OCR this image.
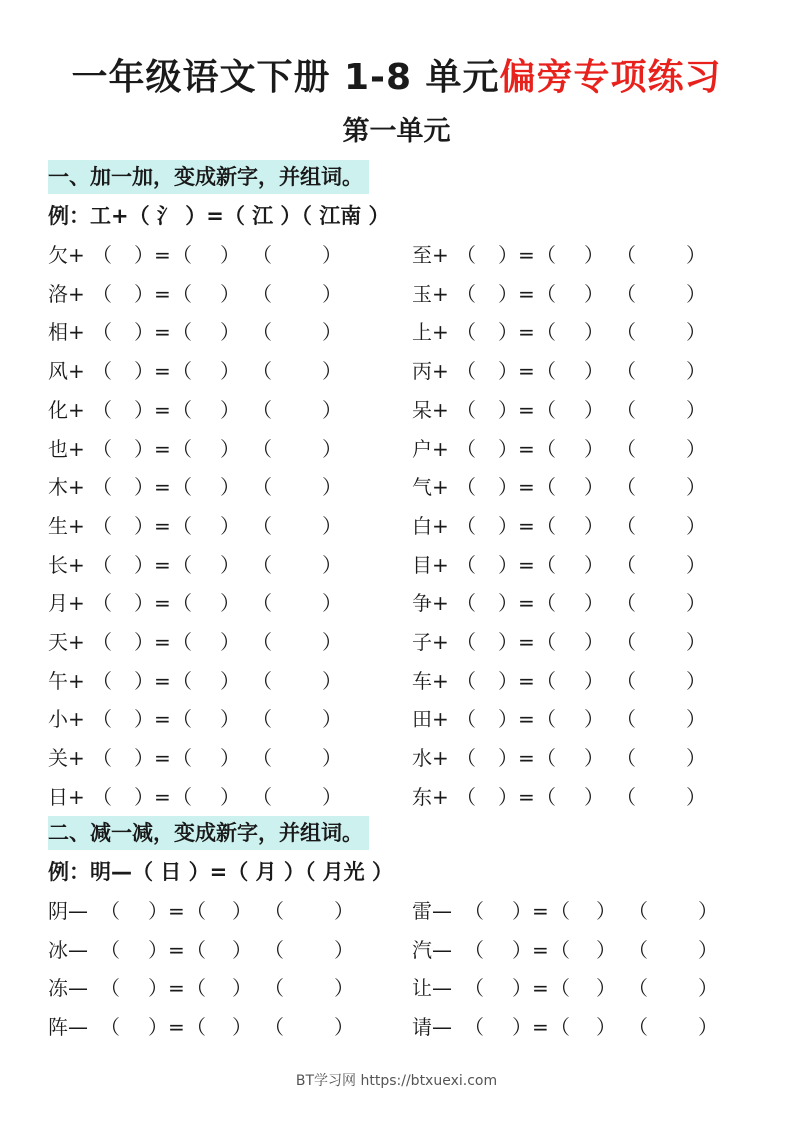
一年级语文下册 1-8 单元偏旁专项练习
第一单元
一、加一加，变成新字，并组词。
例：工+（ 氵 ）=（ 江 ）（ 江南 ）
欠+ （ ）= （ ） （	）
洛+ （ ）= （ ） （	）
相+ （ ）= （ ） （	）
风+ （ ）= （ ） （	）
化+ （ ）= （ ） （	）
也+ （ ）= （ ） （	）
木+ （ ）= （ ） （	）
生+ （ ）= （ ） （	）
长+ （ ）= （ ） （	）
月+ （ ）= （ ） （	）
天+ （ ）= （ ） （	）
午+ （ ）= （ ） （	）
小+ （ ）= （ ） （	）
关+ （ ）= （ ） （	）
日+ （ ）= （ ） （	）
至+ （ ）= （ ） （	）
玉+ （ ）= （ ） （	）
上+ （ ）= （ ） （	）
丙+ （ ）= （ ） （	）
呆+ （ ）= （ ） （	）
户+ （ ）= （ ） （	）
气+ （ ）= （ ） （	）
白+ （ ）= （ ） （	）
目+ （ ）= （ ） （	）
争+ （ ）= （ ） （	）
子+ （ ）= （ ） （	）
车+ （ ）= （ ） （	）
田+ （ ）= （ ） （	）
水+ （ ）= （ ） （	）
东+ （ ）= （ ） （	）
二、减一减，变成新字，并组词。
例：明—（ 日 ）=（ 月 ）（ 月光 ）
阴— （ ）= （ ） （	）
冰— （ ）= （ ） （	）
冻— （ ）= （ ） （	）
阵— （ ）= （ ） （	）
雷— （ ）= （ ） （	）
汽— （ ）= （ ） （	）
让— （ ）= （ ） （	）
请— （ ）= （ ） （	）
BT学习网 https://btxuexi.com
